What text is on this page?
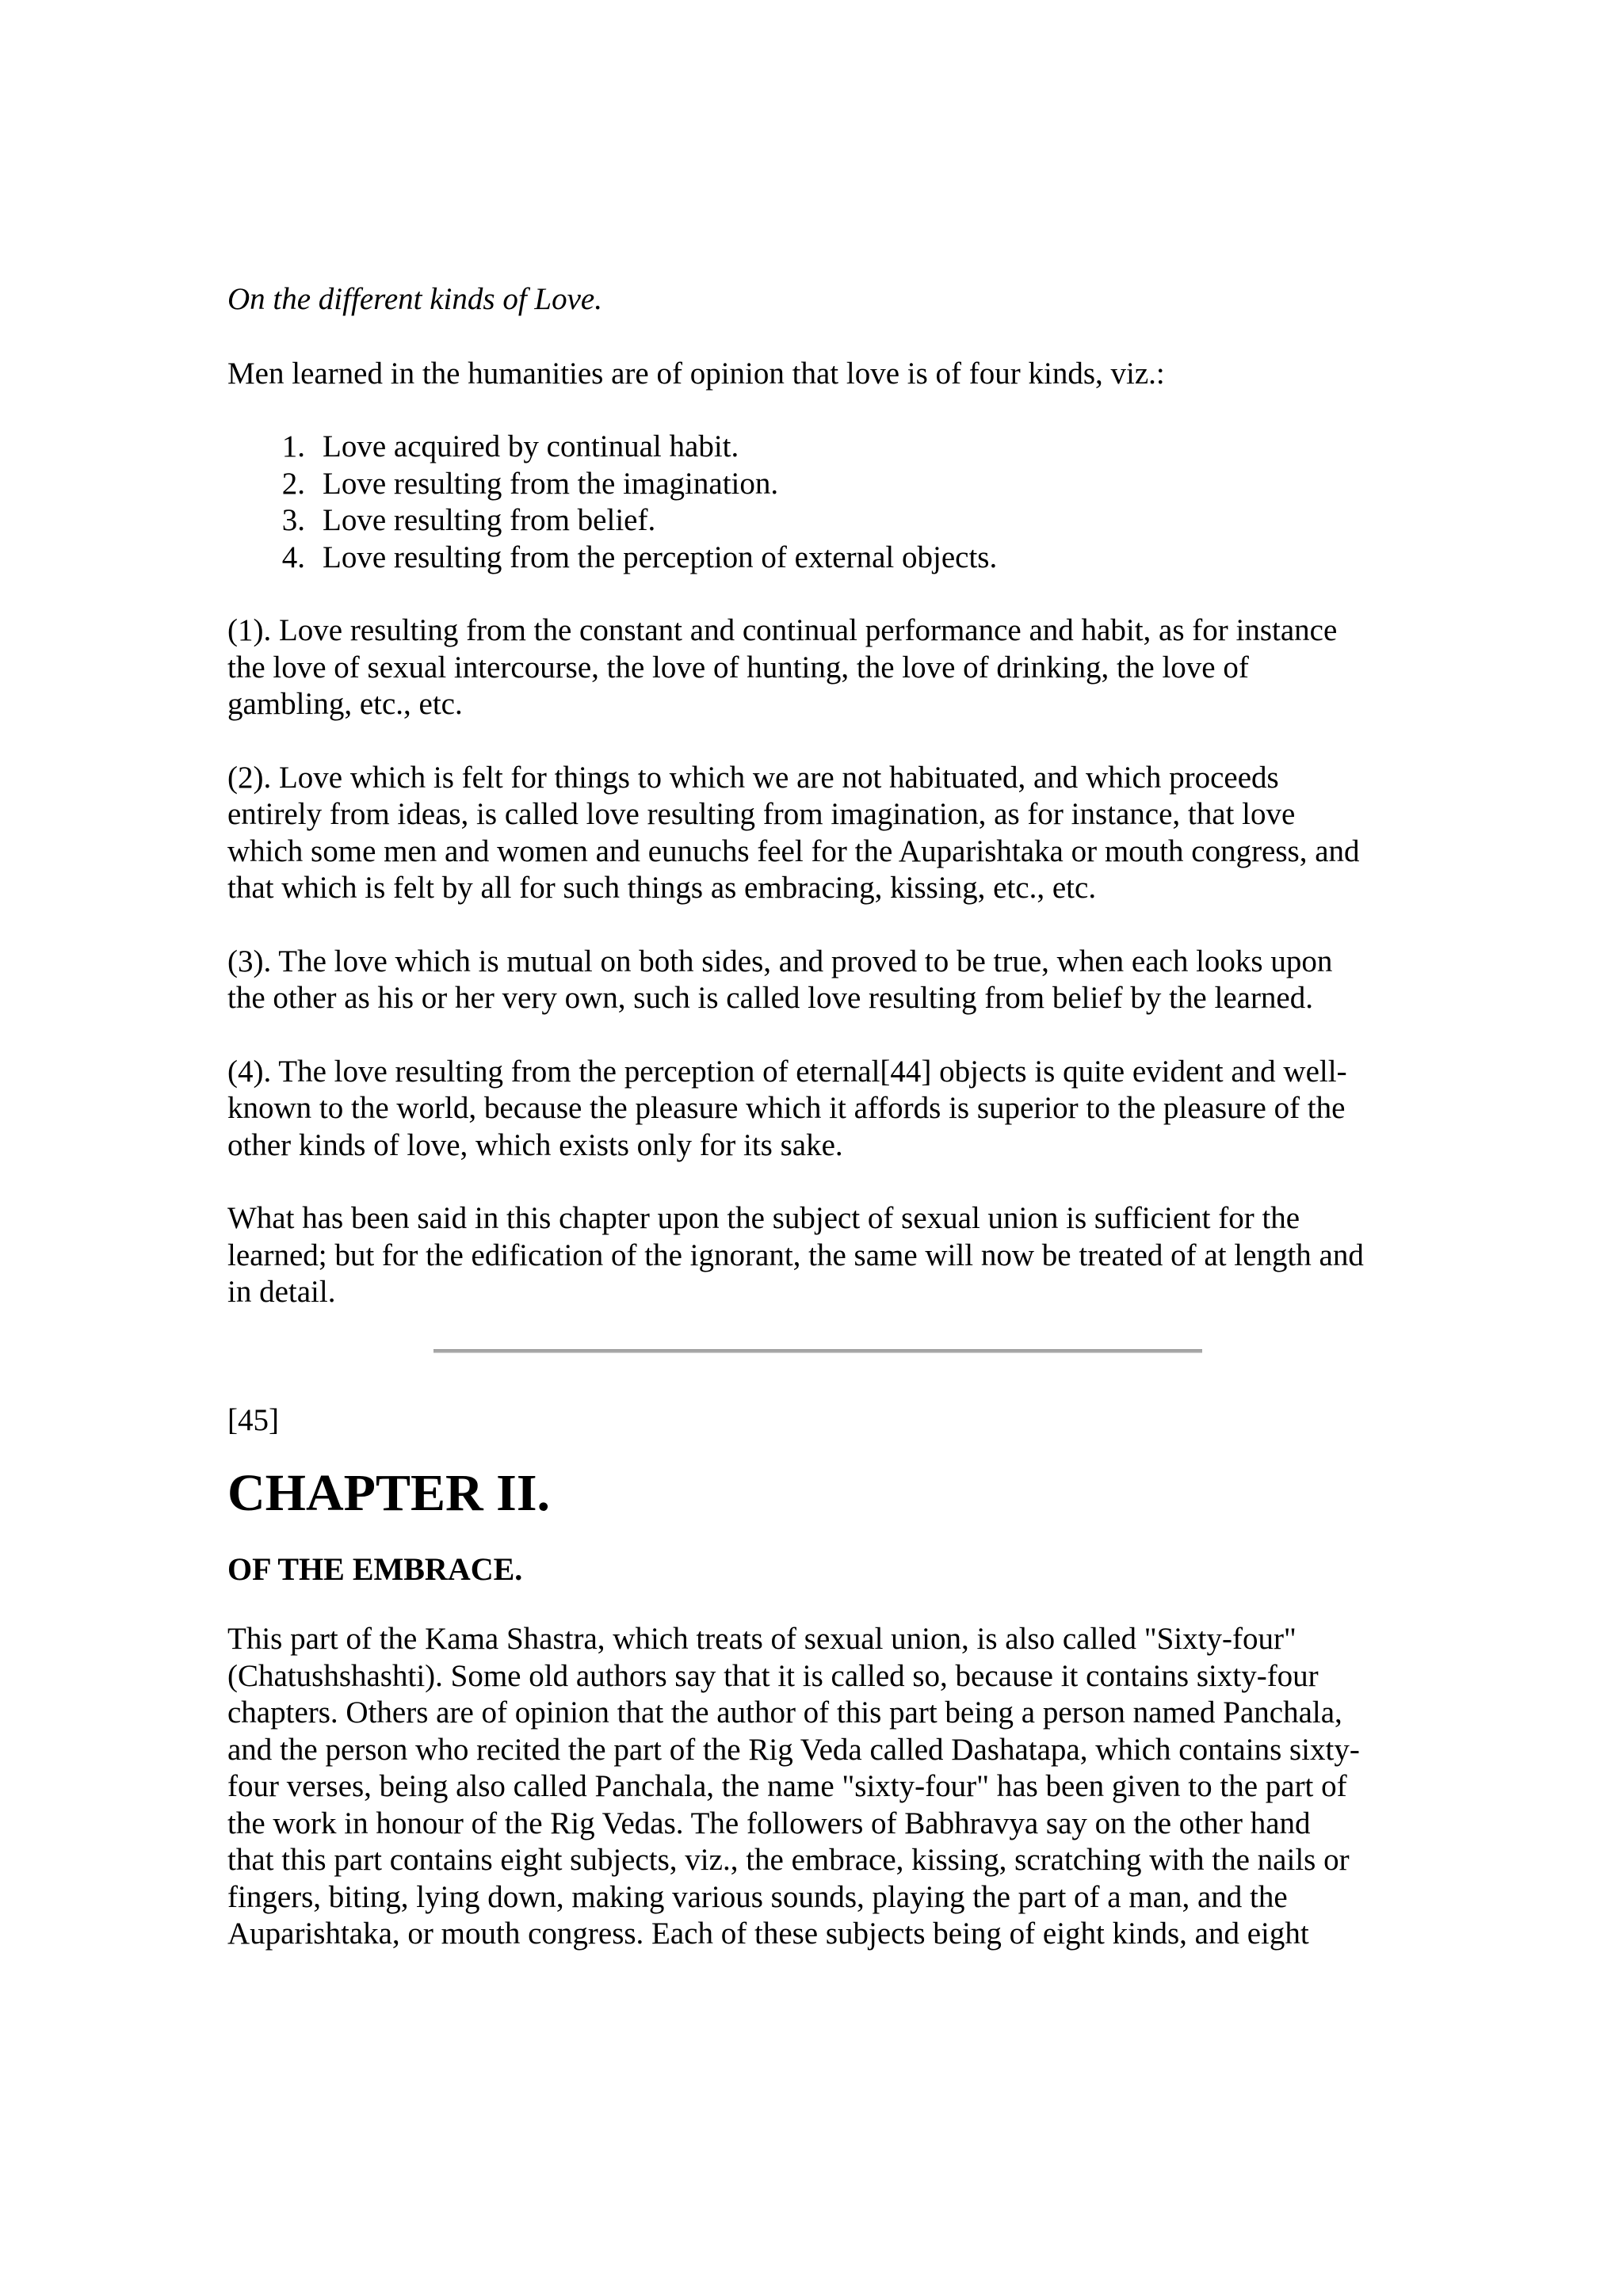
On the different kinds of Love.

Men learned in the humanities are of opinion that love is of four kinds, viz.:

1. Love acquired by continual habit.
2. Love resulting from the imagination.
3. Love resulting from belief.
4. Love resulting from the perception of external objects.

(1). Love resulting from the constant and continual performance and habit, as for instance
the love of sexual intercourse, the love of hunting, the love of drinking, the love of
gambling, etc., etc.

(2). Love which is felt for things to which we are not habituated, and which proceeds
entirely from ideas, is called love resulting from imagination, as for instance, that love
which some men and women and eunuchs feel for the Auparishtaka or mouth congress, and
that which is felt by all for such things as embracing, kissing, etc., etc.

(3). The love which is mutual on both sides, and proved to be true, when each looks upon
the other as his or her very own, such is called love resulting from belief by the learned.

(4). The love resulting from the perception of eternal[44] objects is quite evident and well-
known to the world, because the pleasure which it affords is superior to the pleasure of the
other kinds of love, which exists only for its sake.

What has been said in this chapter upon the subject of sexual union is sufficient for the
learned; but for the edification of the ignorant, the same will now be treated of at length and
in detail.

[45]

CHAPTER II.
OF THE EMBRACE.

This part of the Kama Shastra, which treats of sexual union, is also called "Sixty-four"
(Chatushshashti). Some old authors say that it is called so, because it contains sixty-four
chapters. Others are of opinion that the author of this part being a person named Panchala,
and the person who recited the part of the Rig Veda called Dashatapa, which contains sixty-
four verses, being also called Panchala, the name "sixty-four" has been given to the part of
the work in honour of the Rig Vedas. The followers of Babhravya say on the other hand
that this part contains eight subjects, viz., the embrace, kissing, scratching with the nails or
fingers, biting, lying down, making various sounds, playing the part of a man, and the
Auparishtaka, or mouth congress. Each of these subjects being of eight kinds, and eight
